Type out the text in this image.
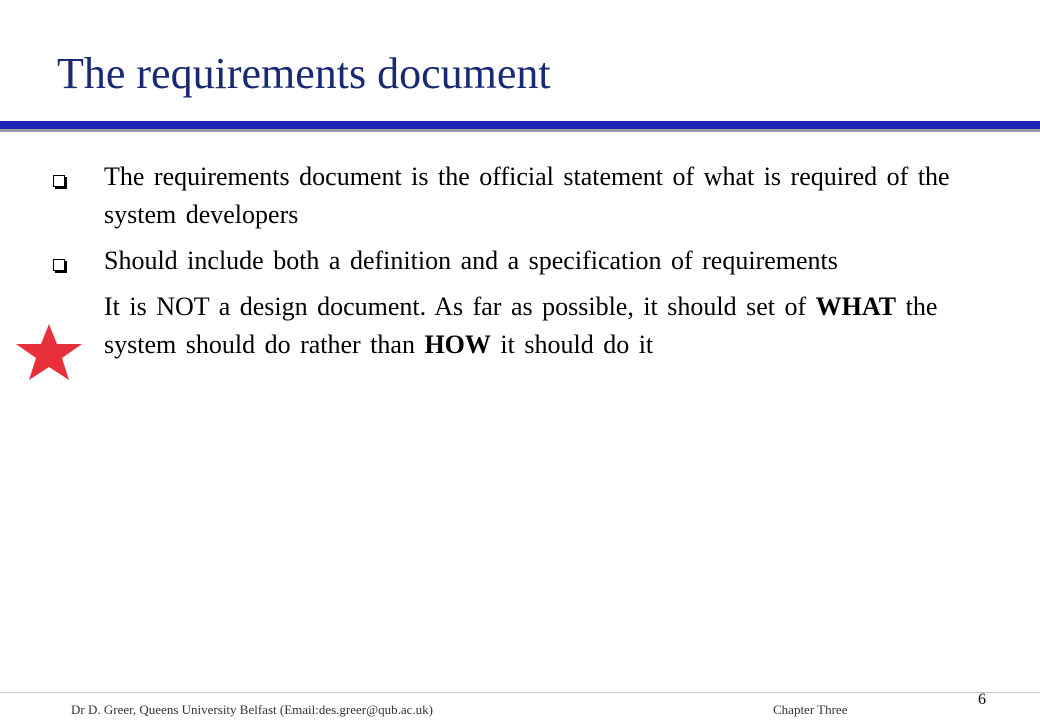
The requirements document
The requirements document is the official statement of what is required of the system developers
Should include both a definition and a specification of requirements
It is NOT a design document. As far as possible, it should set of WHAT the system should do rather than HOW it should do it
Dr D. Greer, Queens University Belfast (Email:des.greer@qub.ac.uk)	Chapter Three
6
